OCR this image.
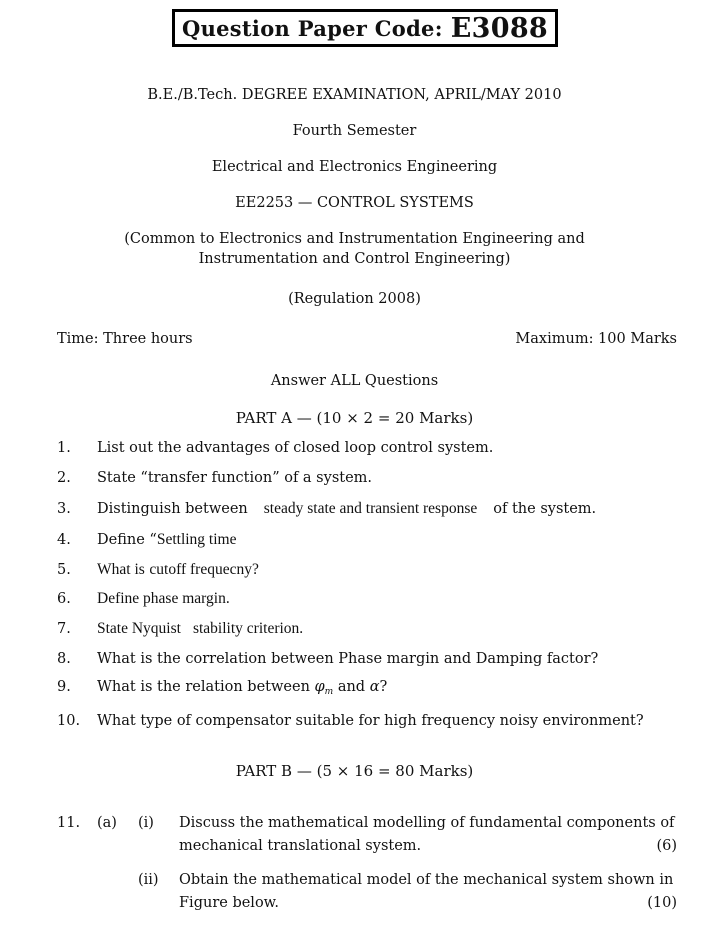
Question Paper Code: E3088
B.E./B.Tech. DEGREE EXAMINATION, APRIL/MAY 2010
Fourth Semester
Electrical and Electronics Engineering
EE2253 — CONTROL SYSTEMS
(Common to Electronics and Instrumentation Engineering and
Instrumentation and Control Engineering)
(Regulation 2008)
Time: Three hours	Maximum: 100 Marks
Answer ALL Questions
PART A — (10 × 2 = 20 Marks)
1. List out the advantages of closed loop control system.
2. State “transfer function” of a system.
3. Distinguish between steady state and transient response of the system.
4. Define “Settling time
5. What is cutoff frequecny?
6. Define phase margin.
7. State Nyquist stability criterion.
8. What is the correlation between Phase margin and Damping factor?
9. What is the relation between $\varphi_m$ and α?
10. What type of compensator suitable for high frequency noisy environment?
PART B — (5 × 16 = 80 Marks)
11. (a) (i) Discuss the mathematical modelling of fundamental components of
mechanical translational system.	(6)
(ii) Obtain the mathematical model of the mechanical system shown in
Figure below.	(10)
